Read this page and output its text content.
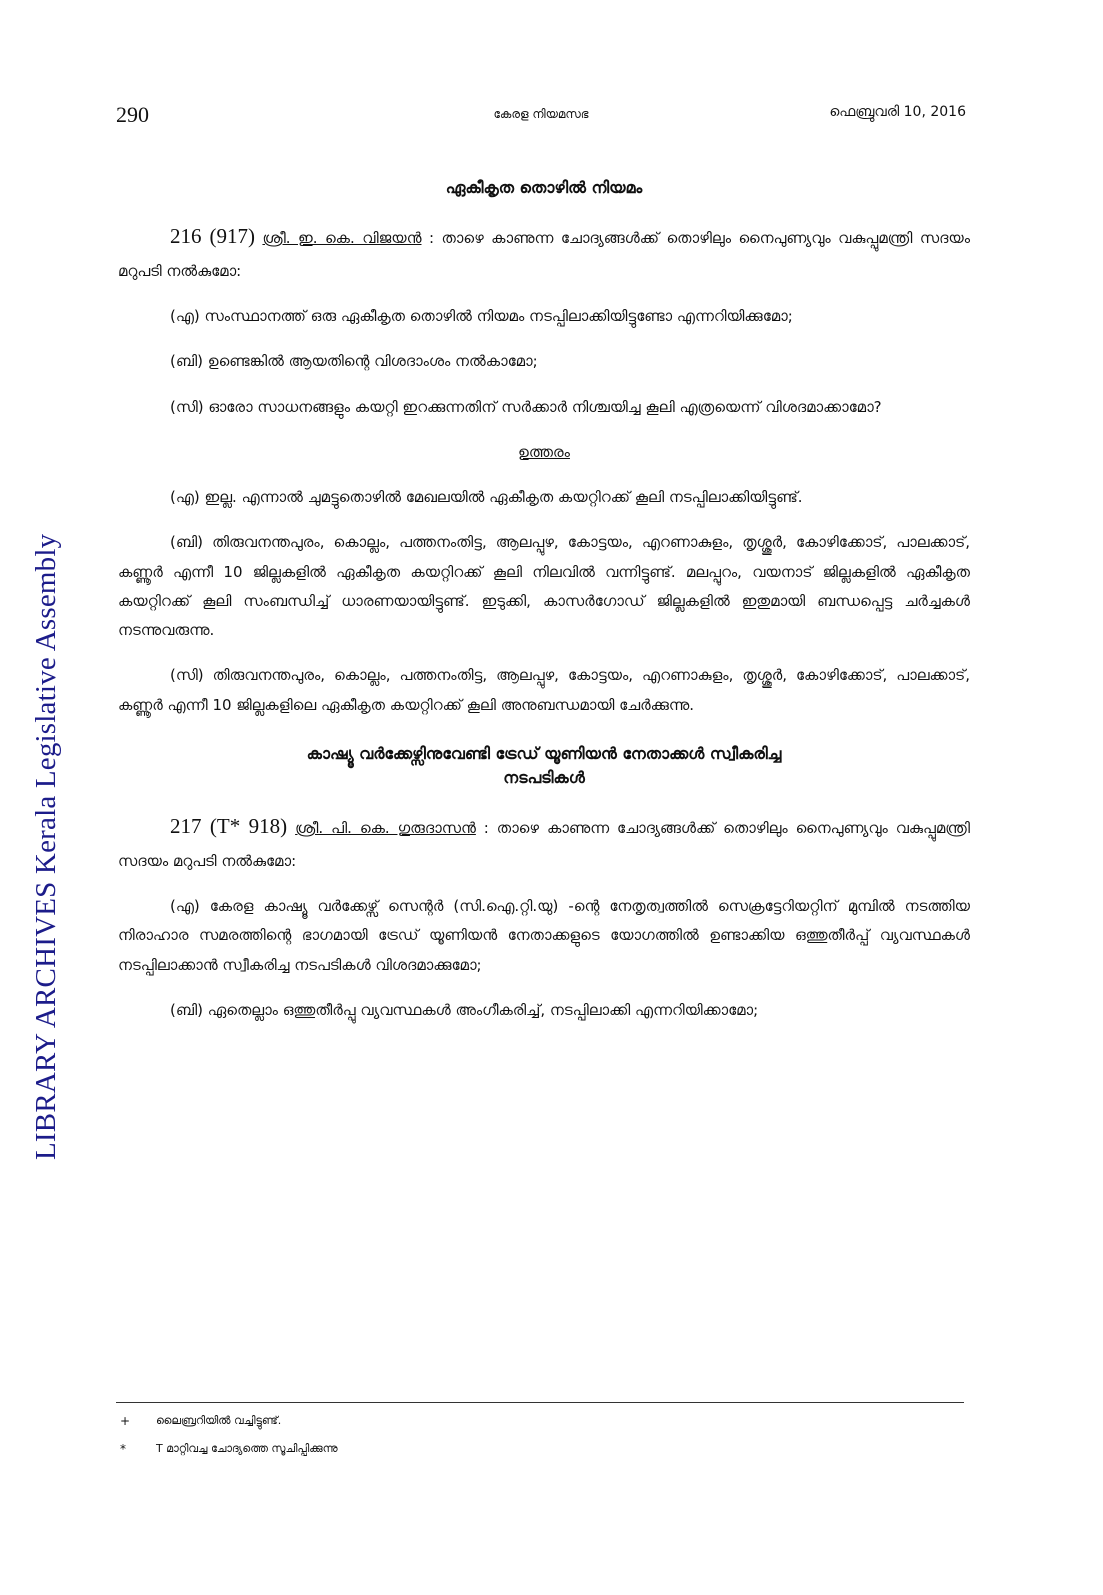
LIBRARY ARCHIVES Kerala Legislative Assembly
290	കേരള നിയമസഭ	ഫെബ്രുവരി 10, 2016
ഏകീകൃത തൊഴിൽ നിയമം

216 (917) ശ്രീ. ഇ. കെ. വിജയൻ : താഴെ കാണുന്ന ചോദ്യങ്ങൾക്ക് തൊഴിലും നൈപുണ്യവും വകുപ്പുമന്ത്രി സദയം മറുപടി നൽകുമോ:

(എ) സംസ്ഥാനത്ത് ഒരു ഏകീകൃത തൊഴിൽ നിയമം നടപ്പിലാക്കിയിട്ടുണ്ടോ എന്നറിയിക്കുമോ;

(ബി) ഉണ്ടെങ്കിൽ ആയതിന്റെ വിശദാംശം നൽകാമോ;

(സി) ഓരോ സാധനങ്ങളും കയറ്റി ഇറക്കുന്നതിന് സർക്കാർ നിശ്ചയിച്ച കൂലി എത്രയെന്ന് വിശദമാക്കാമോ?

ഉത്തരം

(എ) ഇല്ല. എന്നാൽ ചുമട്ടുതൊഴിൽ മേഖലയിൽ ഏകീകൃത കയറ്റിറക്ക് കൂലി നടപ്പിലാക്കിയിട്ടുണ്ട്.

(ബി) തിരുവനന്തപുരം, കൊല്ലം, പത്തനംതിട്ട, ആലപ്പുഴ, കോട്ടയം, എറണാകുളം, തൃശ്ശൂർ, കോഴിക്കോട്, പാലക്കാട്, കണ്ണൂർ എന്നീ 10 ജില്ലകളിൽ ഏകീകൃത കയറ്റിറക്ക് കൂലി നിലവിൽ വന്നിട്ടുണ്ട്. മലപ്പുറം, വയനാട് ജില്ലകളിൽ ഏകീകൃത കയറ്റിറക്ക് കൂലി സംബന്ധിച്ച് ധാരണയായിട്ടുണ്ട്. ഇടുക്കി, കാസർഗോഡ് ജില്ലകളിൽ ഇതുമായി ബന്ധപ്പെട്ട ചർച്ചകൾ നടന്നുവരുന്നു.

(സി) തിരുവനന്തപുരം, കൊല്ലം, പത്തനംതിട്ട, ആലപ്പുഴ, കോട്ടയം, എറണാകുളം, തൃശ്ശൂർ, കോഴിക്കോട്, പാലക്കാട്, കണ്ണൂർ എന്നീ 10 ജില്ലകളിലെ ഏകീകൃത കയറ്റിറക്ക് കൂലി അനുബന്ധമായി ചേർക്കുന്നു.

കാഷ്യൂ വർക്കേഴ്സിനുവേണ്ടി ട്രേഡ് യൂണിയൻ നേതാക്കൾ സ്വീകരിച്ച
നടപടികൾ

217 (T* 918) ശ്രീ. പി. കെ. ഗുരുദാസൻ : താഴെ കാണുന്ന ചോദ്യങ്ങൾക്ക് തൊഴിലും നൈപുണ്യവും വകുപ്പുമന്ത്രി സദയം മറുപടി നൽകുമോ:

(എ) കേരള കാഷ്യൂ വർക്കേഴ്സ് സെന്റർ (സി.ഐ.റ്റി.യു) -ന്റെ നേതൃത്വത്തിൽ സെക്രട്ടേറിയറ്റിന് മുമ്പിൽ നടത്തിയ നിരാഹാര സമരത്തിന്റെ ഭാഗമായി ട്രേഡ് യൂണിയൻ നേതാക്കളുടെ യോഗത്തിൽ ഉണ്ടാക്കിയ ഒത്തുതീർപ്പ് വ്യവസ്ഥകൾ നടപ്പിലാക്കാൻ സ്വീകരിച്ച നടപടികൾ വിശദമാക്കുമോ;

(ബി) ഏതെല്ലാം ഒത്തുതീർപ്പു വ്യവസ്ഥകൾ അംഗീകരിച്ച്, നടപ്പിലാക്കി എന്നറിയിക്കാമോ;

+	ലൈബ്രറിയിൽ വച്ചിട്ടുണ്ട്.
*	T മാറ്റിവച്ച ചോദ്യത്തെ സൂചിപ്പിക്കുന്നു
